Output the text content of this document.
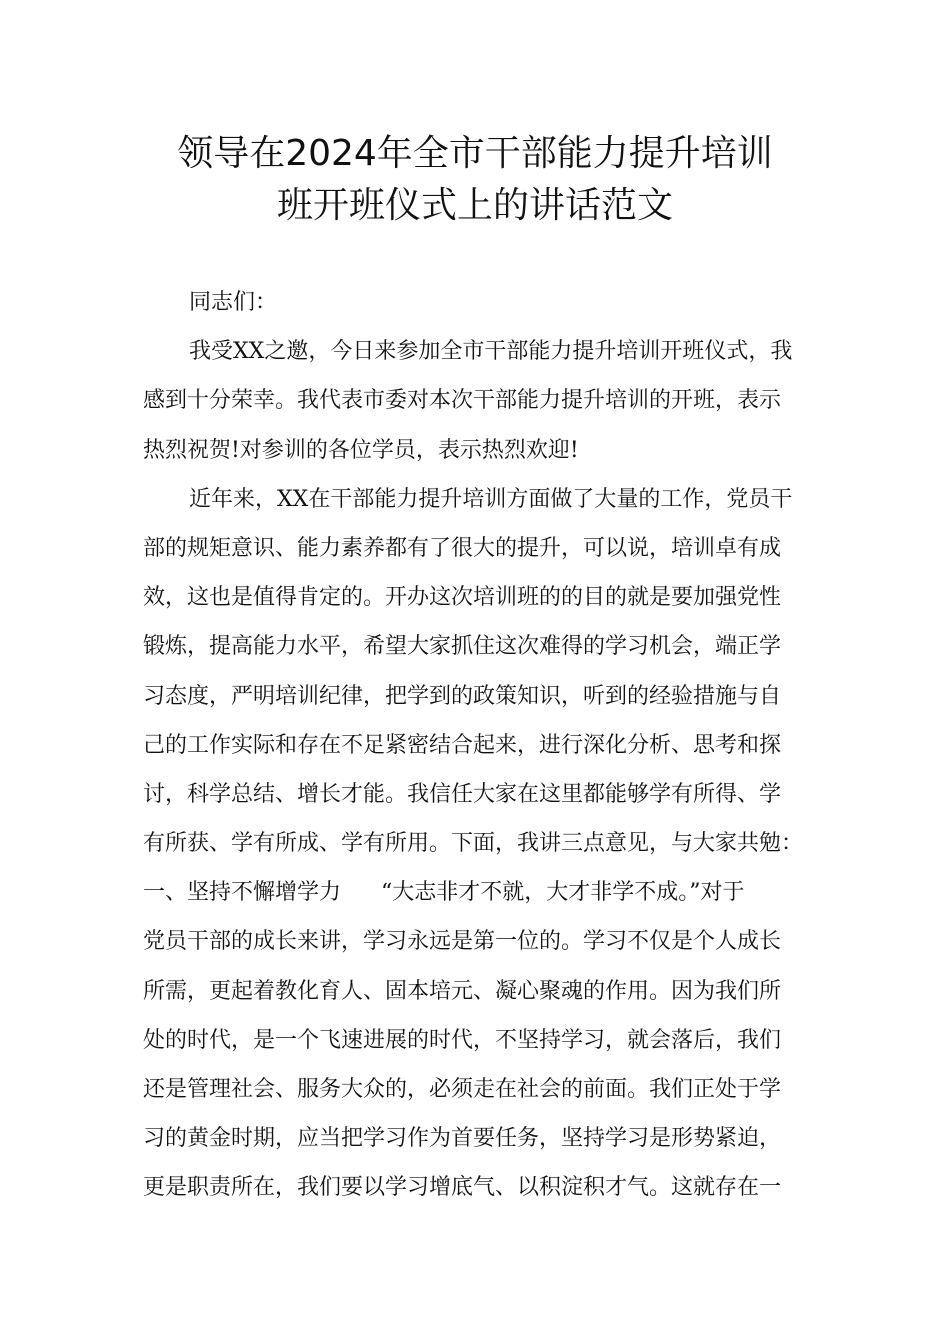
领导在2024年全市干部能力提升培训
班开班仪式上的讲话范文
同志们：
我受XX之邀，今日来参加全市干部能力提升培训开班仪式，我
感到十分荣幸。我代表市委对本次干部能力提升培训的开班，表示
热烈祝贺!对参训的各位学员，表示热烈欢迎!
近年来，XX在干部能力提升培训方面做了大量的工作，党员干
部的规矩意识、能力素养都有了很大的提升，可以说，培训卓有成
效，这也是值得肯定的。开办这次培训班的的目的就是要加强党性
锻炼，提高能力水平，希望大家抓住这次难得的学习机会，端正学
习态度，严明培训纪律，把学到的政策知识，听到的经验措施与自
己的工作实际和存在不足紧密结合起来，进行深化分析、思考和探
讨，科学总结、增长才能。我信任大家在这里都能够学有所得、学
有所获、学有所成、学有所用。下面，我讲三点意见，与大家共勉：
一、坚持不懈增学力 “大志非才不就，大才非学不成。”对于
党员干部的成长来讲，学习永远是第一位的。学习不仅是个人成长
所需，更起着教化育人、固本培元、凝心聚魂的作用。因为我们所
处的时代，是一个飞速进展的时代，不坚持学习，就会落后，我们
还是管理社会、服务大众的，必须走在社会的前面。我们正处于学
习的黄金时期，应当把学习作为首要任务，坚持学习是形势紧迫，
更是职责所在，我们要以学习增底气、以积淀积才气。这就存在一
